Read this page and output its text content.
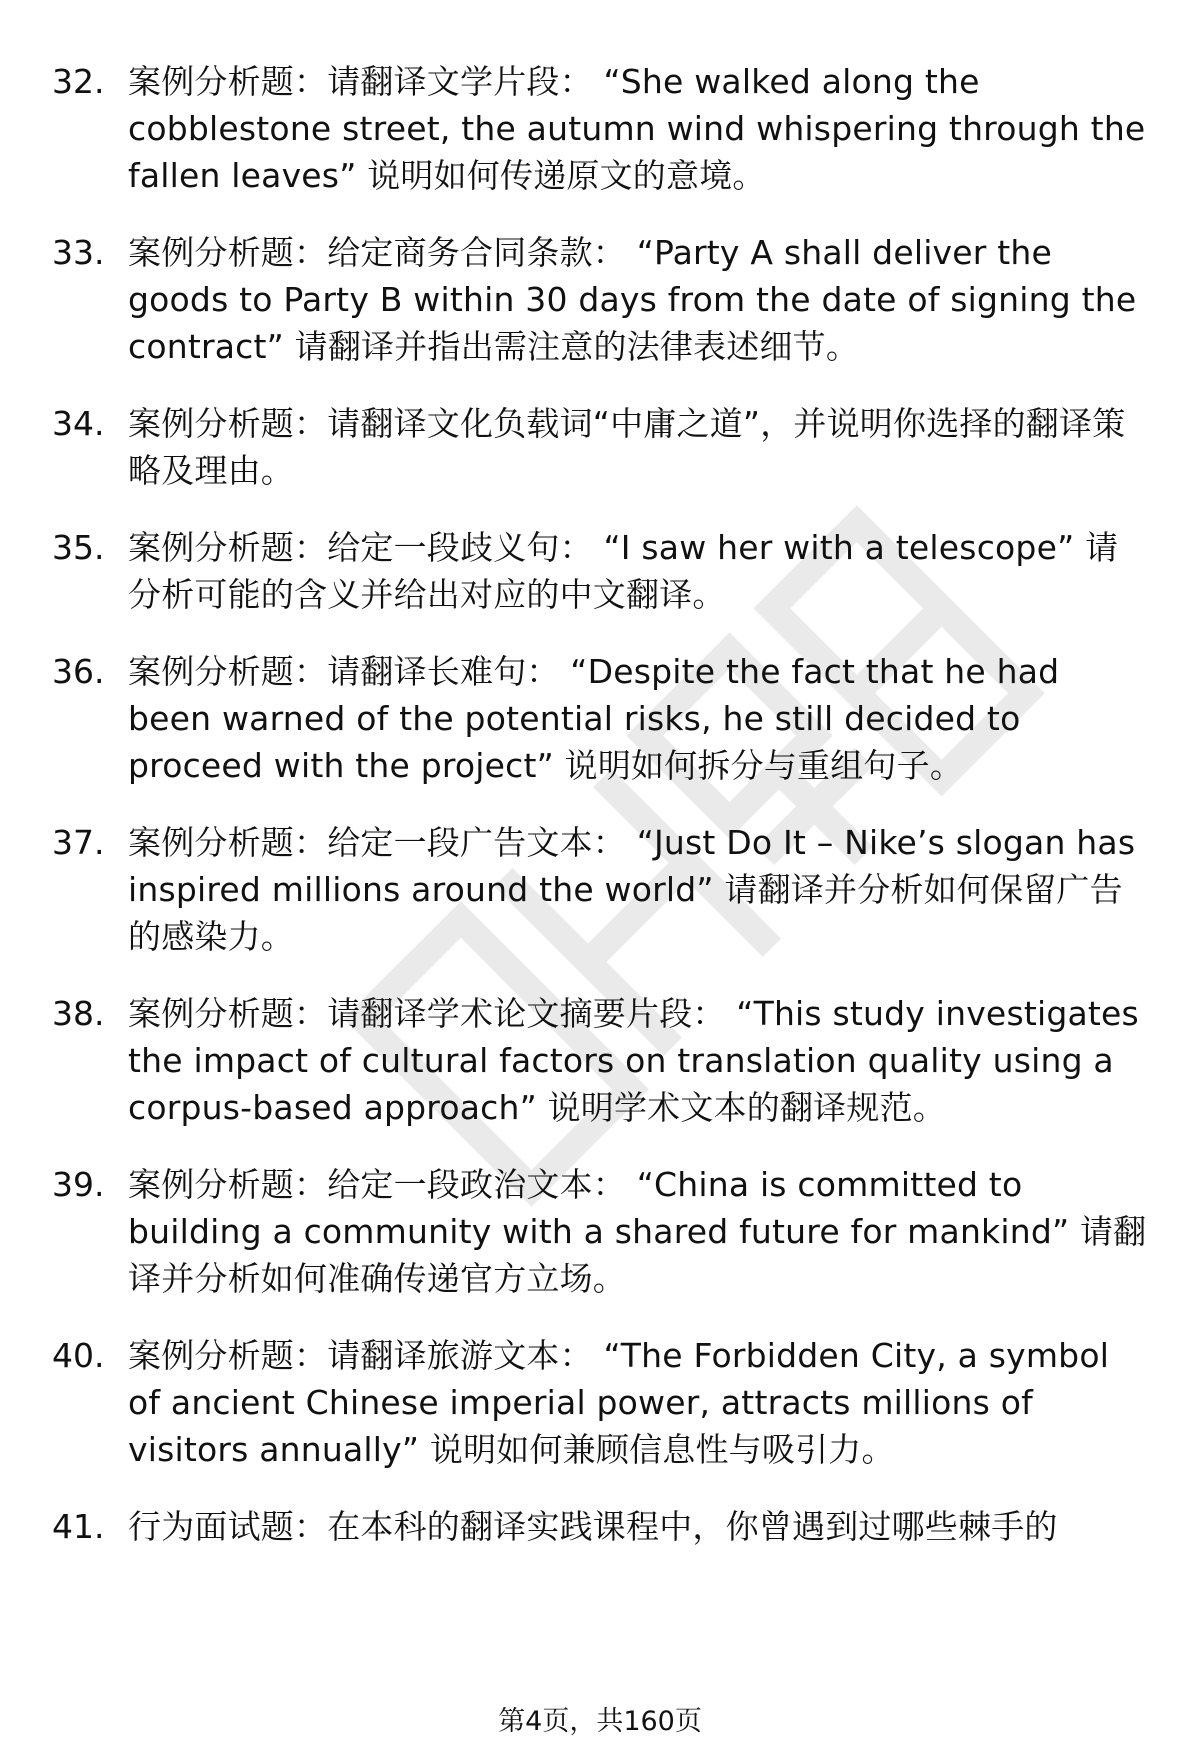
32. 案例分析题：请翻译文学片段： “She walked along the cobblestone street, the autumn wind whispering through the fallen leaves” 说明如何传递原文的意境。
33. 案例分析题：给定商务合同条款： “Party A shall deliver the goods to Party B within 30 days from the date of signing the contract” 请翻译并指出需注意的法律表述细节。
34. 案例分析题：请翻译文化负载词“中庸之道”，并说明你选择的翻译策略及理由。
35. 案例分析题：给定一段歧义句： “I saw her with a telescope” 请分析可能的含义并给出对应的中文翻译。
36. 案例分析题：请翻译长难句： “Despite the fact that he had been warned of the potential risks, he still decided to proceed with the project” 说明如何拆分与重组句子。
37. 案例分析题：给定一段广告文本： “Just Do It – Nike’s slogan has inspired millions around the world” 请翻译并分析如何保留广告的感染力。
38. 案例分析题：请翻译学术论文摘要片段： “This study investigates the impact of cultural factors on translation quality using a corpus-based approach” 说明学术文本的翻译规范。
39. 案例分析题：给定一段政治文本： “China is committed to building a community with a shared future for mankind” 请翻译并分析如何准确传递官方立场。
40. 案例分析题：请翻译旅游文本： “The Forbidden City, a symbol of ancient Chinese imperial power, attracts millions of visitors annually” 说明如何兼顾信息性与吸引力。
41. 行为面试题：在本科的翻译实践课程中，你曾遇到过哪些棘手的
第4页，共160页
